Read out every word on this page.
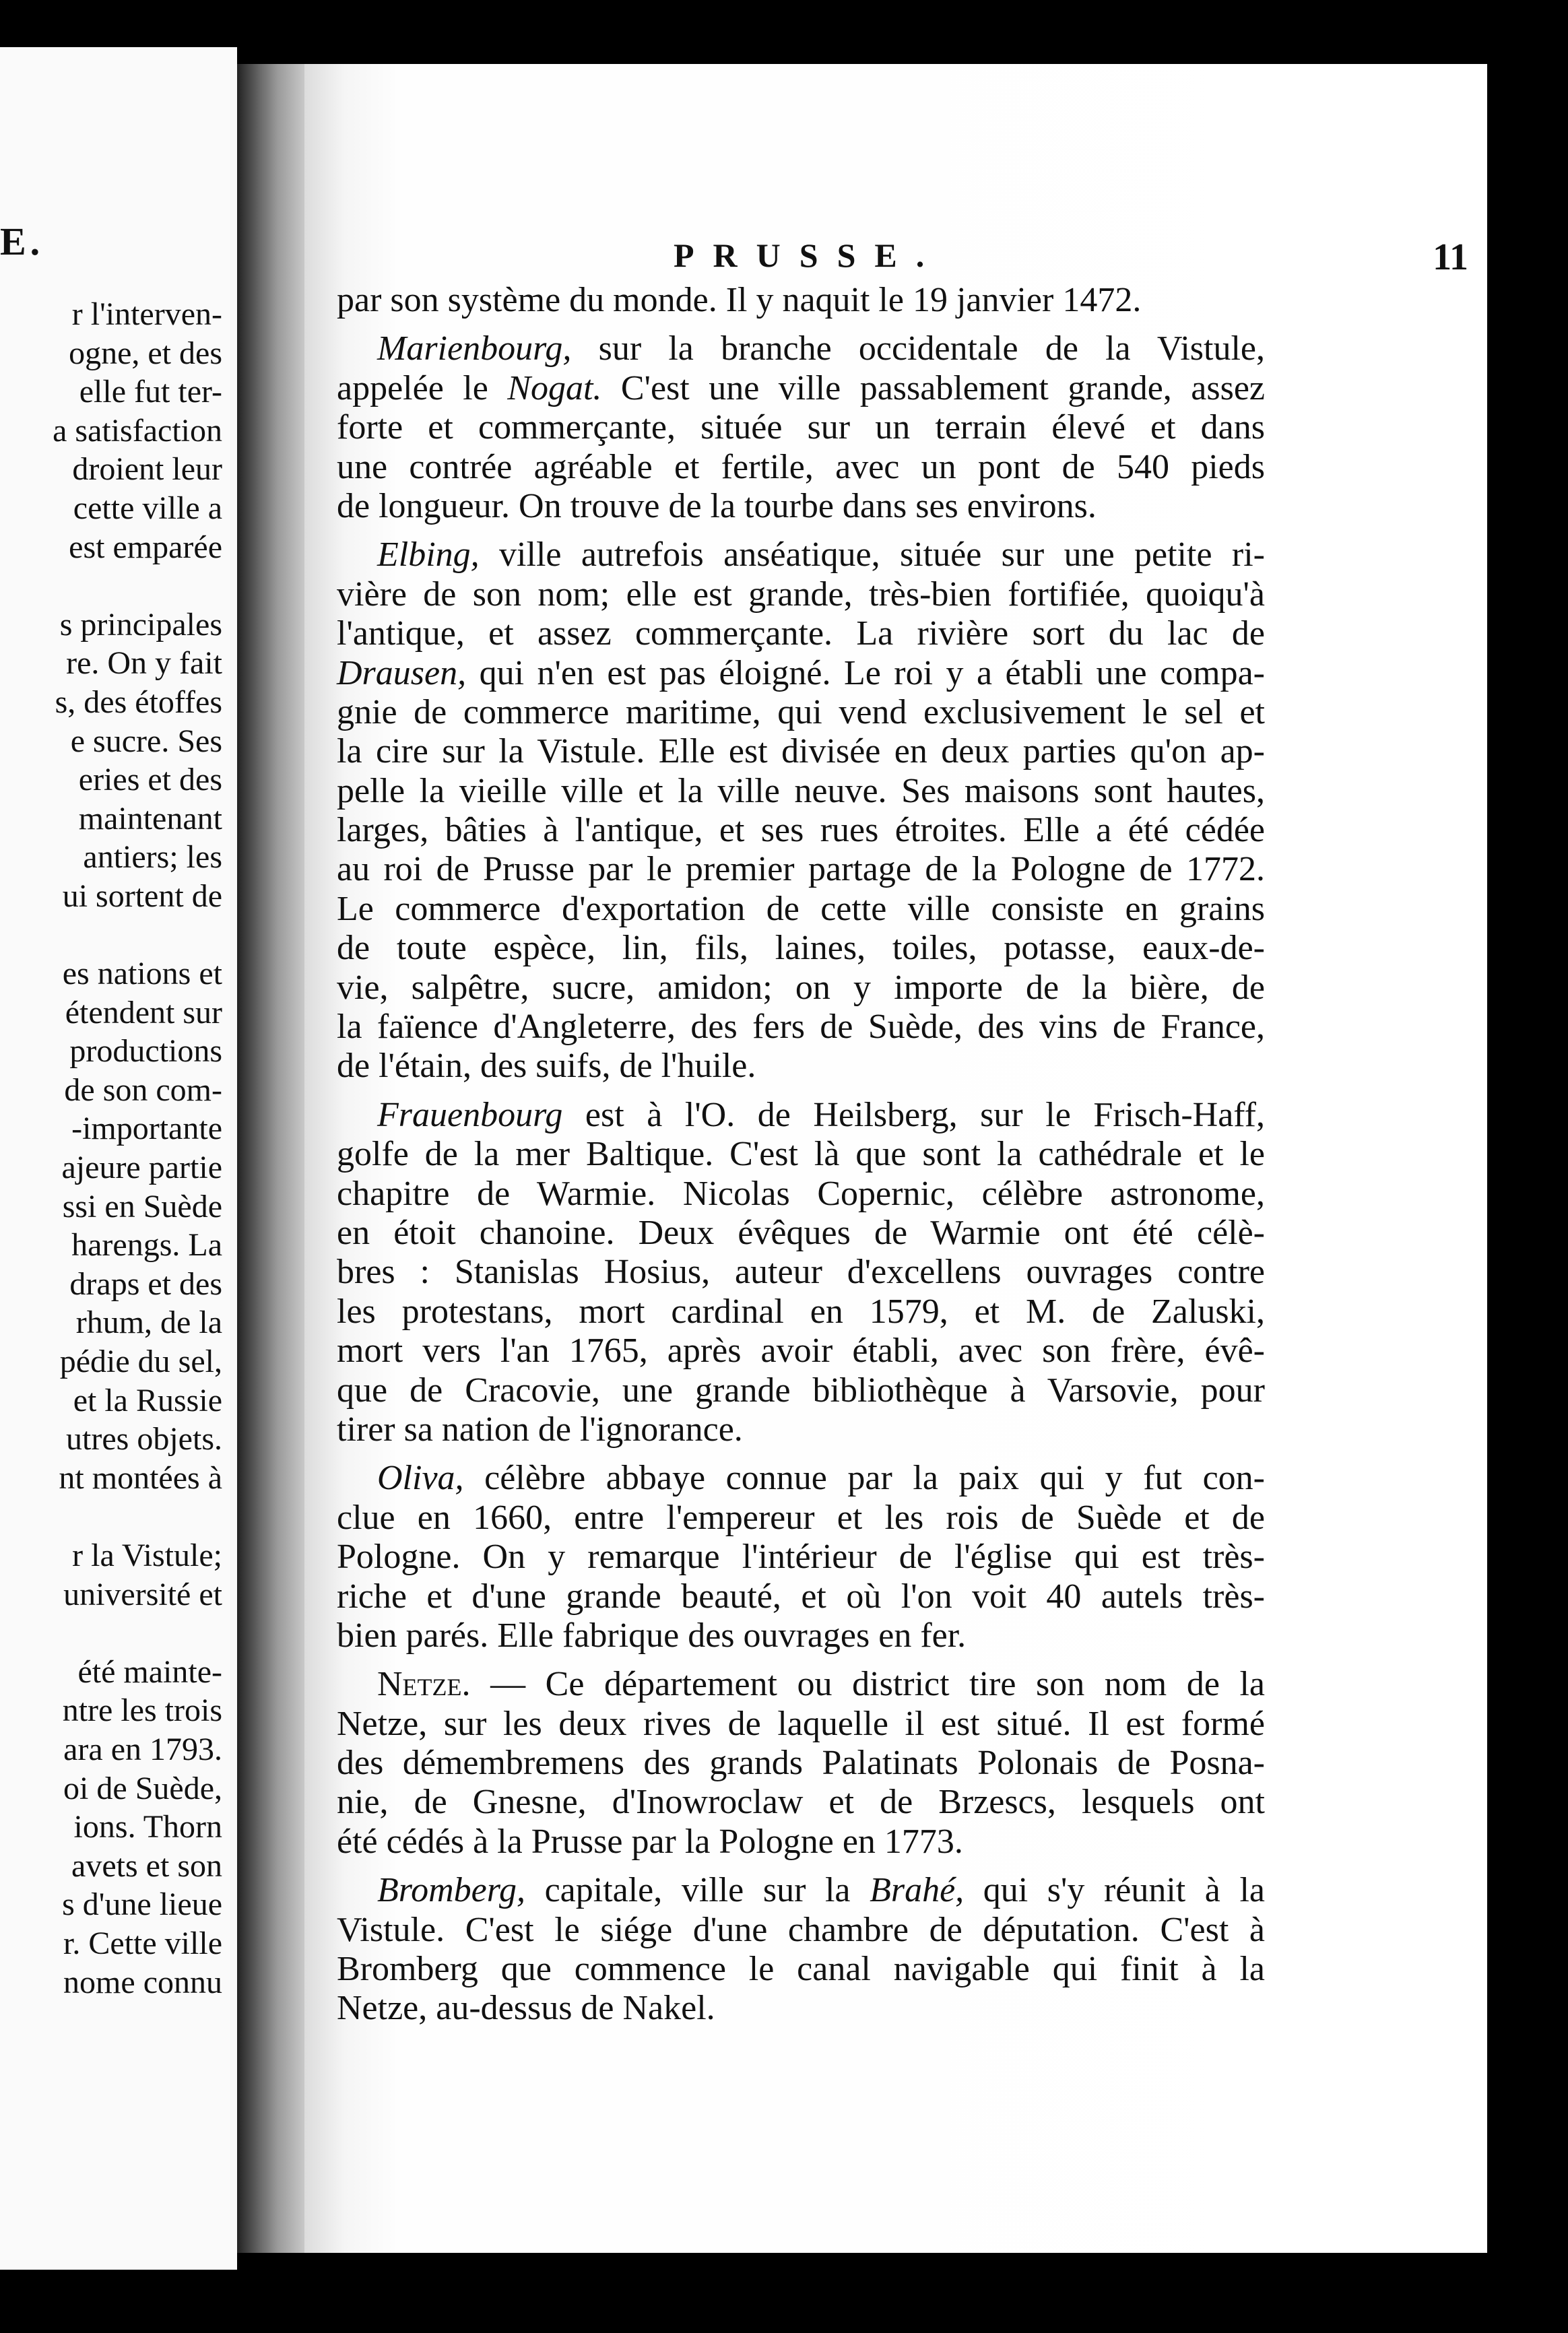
E.
r l'interven-
ogne, et des
elle fut ter-
a satisfaction
droient leur
cette ville a
est emparée
s principales
re. On y fait
s, des étoffes
e sucre. Ses
eries et des
maintenant
antiers; les
ui sortent de
es nations et
étendent sur
productions
de son com-
-importante
ajeure partie
ssi en Suède
harengs. La
draps et des
rhum, de la
pédie du sel,
et la Russie
utres objets.
nt montées à
r la Vistule;
université et
été mainte-
ntre les trois
ara en 1793.
oi de Suède,
ions. Thorn
avets et son
s d'une lieue
r. Cette ville
nome connu
PRUSSE.	11
par son système du monde. Il y naquit le 19 janvier 1472.
Marienbourg, sur la branche occidentale de la Vistule,
appelée le Nogat. C'est une ville passablement grande, assez
forte et commerçante, située sur un terrain élevé et dans
une contrée agréable et fertile, avec un pont de 540 pieds
de longueur. On trouve de la tourbe dans ses environs.
Elbing, ville autrefois anséatique, située sur une petite ri-
vière de son nom; elle est grande, très-bien fortifiée, quoiqu'à
l'antique, et assez commerçante. La rivière sort du lac de
Drausen, qui n'en est pas éloigné. Le roi y a établi une compa-
gnie de commerce maritime, qui vend exclusivement le sel et
la cire sur la Vistule. Elle est divisée en deux parties qu'on ap-
pelle la vieille ville et la ville neuve. Ses maisons sont hautes,
larges, bâties à l'antique, et ses rues étroites. Elle a été cédée
au roi de Prusse par le premier partage de la Pologne de 1772.
Le commerce d'exportation de cette ville consiste en grains
de toute espèce, lin, fils, laines, toiles, potasse, eaux-de-
vie, salpêtre, sucre, amidon; on y importe de la bière, de
la faïence d'Angleterre, des fers de Suède, des vins de France,
de l'étain, des suifs, de l'huile.
Frauenbourg est à l'O. de Heilsberg, sur le Frisch-Haff,
golfe de la mer Baltique. C'est là que sont la cathédrale et le
chapitre de Warmie. Nicolas Copernic, célèbre astronome,
en étoit chanoine. Deux évêques de Warmie ont été célè-
bres : Stanislas Hosius, auteur d'excellens ouvrages contre
les protestans, mort cardinal en 1579, et M. de Zaluski,
mort vers l'an 1765, après avoir établi, avec son frère, évê-
que de Cracovie, une grande bibliothèque à Varsovie, pour
tirer sa nation de l'ignorance.
Oliva, célèbre abbaye connue par la paix qui y fut con-
clue en 1660, entre l'empereur et les rois de Suède et de
Pologne. On y remarque l'intérieur de l'église qui est très-
riche et d'une grande beauté, et où l'on voit 40 autels très-
bien parés. Elle fabrique des ouvrages en fer.
Netze. — Ce département ou district tire son nom de la
Netze, sur les deux rives de laquelle il est situé. Il est formé
des démembremens des grands Palatinats Polonais de Posna-
nie, de Gnesne, d'Inowroclaw et de Brzescs, lesquels ont
été cédés à la Prusse par la Pologne en 1773.
Bromberg, capitale, ville sur la Brahé, qui s'y réunit à la
Vistule. C'est le siége d'une chambre de députation. C'est à
Bromberg que commence le canal navigable qui finit à la
Netze, au-dessus de Nakel.
